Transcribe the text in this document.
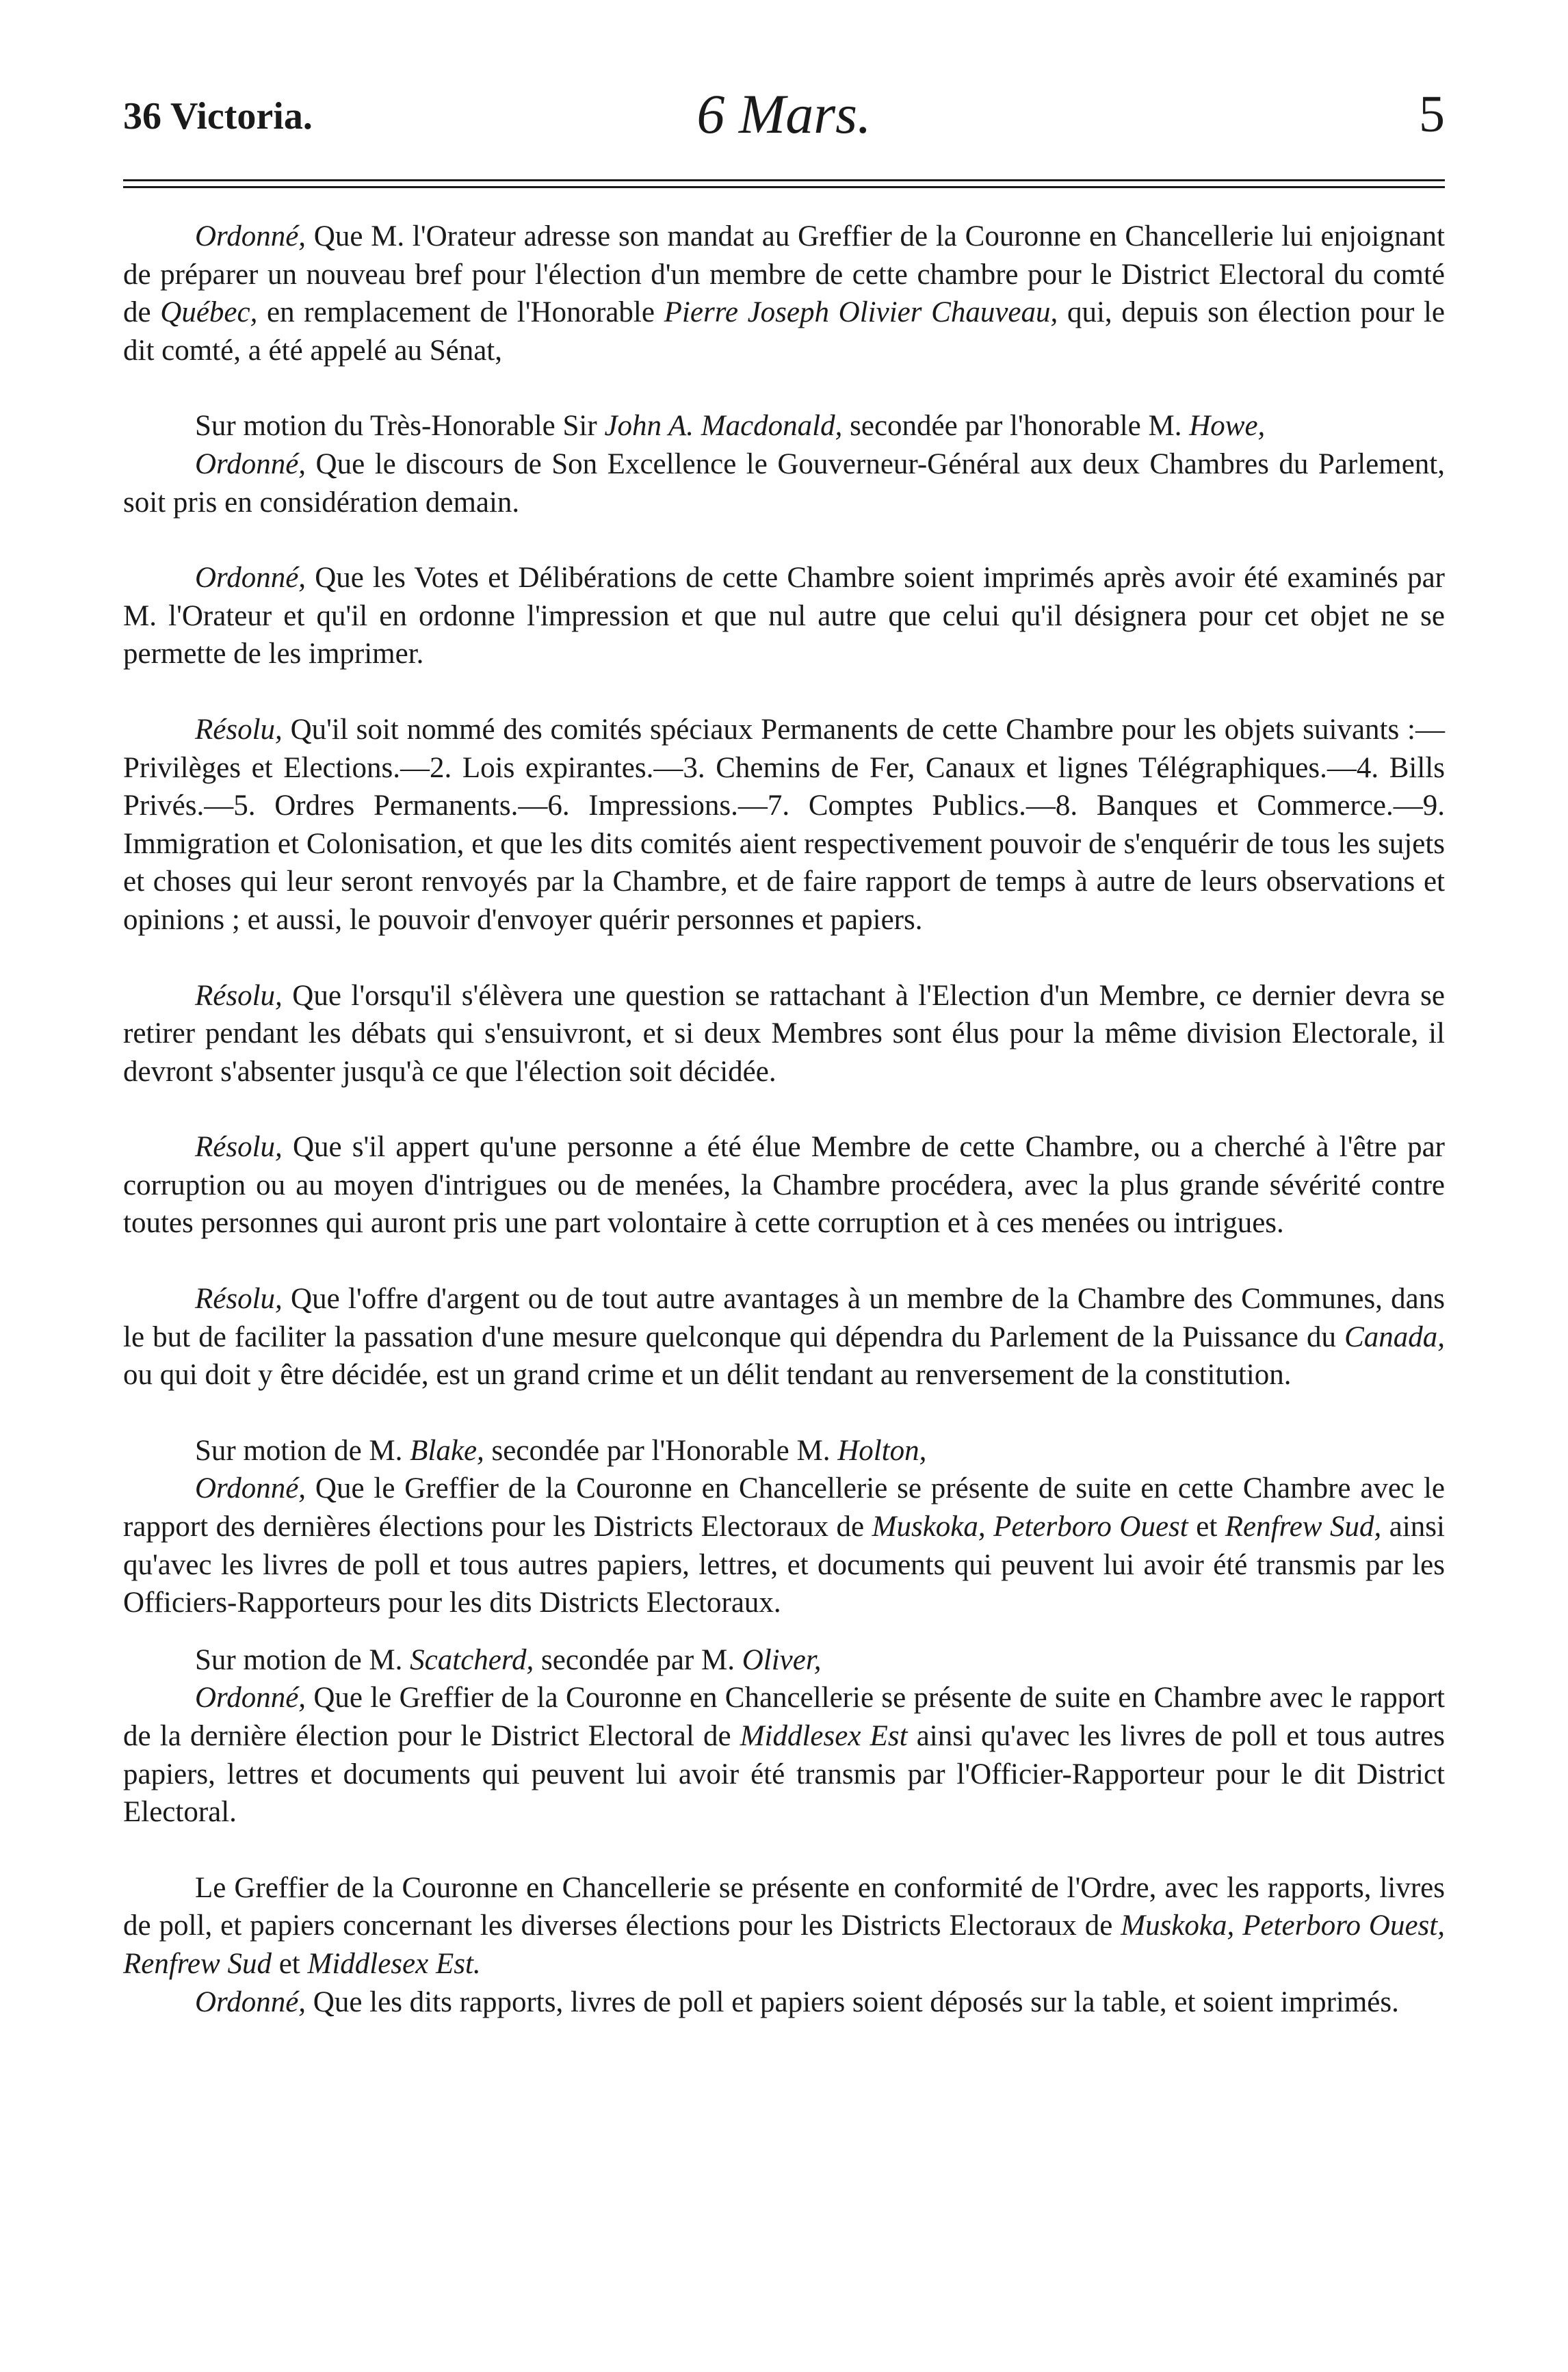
36 Victoria.	6 Mars.	5

Ordonné, Que M. l'Orateur adresse son mandat au Greffier de la Couronne en Chancellerie lui enjoignant de préparer un nouveau bref pour l'élection d'un membre de cette chambre pour le District Electoral du comté de Québec, en remplacement de l'Honorable Pierre Joseph Olivier Chauveau, qui, depuis son élection pour le dit comté, a été appelé au Sénat,

Sur motion du Très-Honorable Sir John A. Macdonald, secondée par l'honorable M. Howe,

Ordonné, Que le discours de Son Excellence le Gouverneur-Général aux deux Chambres du Parlement, soit pris en considération demain.

Ordonné, Que les Votes et Délibérations de cette Chambre soient imprimés après avoir été examinés par M. l'Orateur et qu'il en ordonne l'impression et que nul autre que celui qu'il désignera pour cet objet ne se permette de les imprimer.

Résolu, Qu'il soit nommé des comités spéciaux Permanents de cette Chambre pour les objets suivants :—Privilèges et Elections.—2. Lois expirantes.—3. Chemins de Fer, Canaux et lignes Télégraphiques.—4. Bills Privés.—5. Ordres Permanents.—6. Impressions.—7. Comptes Publics.—8. Banques et Commerce.—9. Immigration et Colonisation, et que les dits comités aient respectivement pouvoir de s'enquérir de tous les sujets et choses qui leur seront renvoyés par la Chambre, et de faire rapport de temps à autre de leurs observations et opinions ; et aussi, le pouvoir d'envoyer quérir personnes et papiers.

Résolu, Que l'orsqu'il s'élèvera une question se rattachant à l'Election d'un Membre, ce dernier devra se retirer pendant les débats qui s'ensuivront, et si deux Membres sont élus pour la même division Electorale, il devront s'absenter jusqu'à ce que l'élection soit décidée.

Résolu, Que s'il appert qu'une personne a été élue Membre de cette Chambre, ou a cherché à l'être par corruption ou au moyen d'intrigues ou de menées, la Chambre procédera, avec la plus grande sévérité contre toutes personnes qui auront pris une part volontaire à cette corruption et à ces menées ou intrigues.

Résolu, Que l'offre d'argent ou de tout autre avantages à un membre de la Chambre des Communes, dans le but de faciliter la passation d'une mesure quelconque qui dépendra du Parlement de la Puissance du Canada, ou qui doit y être décidée, est un grand crime et un délit tendant au renversement de la constitution.

Sur motion de M. Blake, secondée par l'Honorable M. Holton,

Ordonné, Que le Greffier de la Couronne en Chancellerie se présente de suite en cette Chambre avec le rapport des dernières élections pour les Districts Electoraux de Muskoka, Peterboro Ouest et Renfrew Sud, ainsi qu'avec les livres de poll et tous autres papiers, lettres, et documents qui peuvent lui avoir été transmis par les Officiers-Rapporteurs pour les dits Districts Electoraux.

Sur motion de M. Scatcherd, secondée par M. Oliver,

Ordonné, Que le Greffier de la Couronne en Chancellerie se présente de suite en Chambre avec le rapport de la dernière élection pour le District Electoral de Middlesex Est ainsi qu'avec les livres de poll et tous autres papiers, lettres et documents qui peuvent lui avoir été transmis par l'Officier-Rapporteur pour le dit District Electoral.

Le Greffier de la Couronne en Chancellerie se présente en conformité de l'Ordre, avec les rapports, livres de poll, et papiers concernant les diverses élections pour les Districts Electoraux de Muskoka, Peterboro Ouest, Renfrew Sud et Middlesex Est.

Ordonné, Que les dits rapports, livres de poll et papiers soient déposés sur la table, et soient imprimés.
